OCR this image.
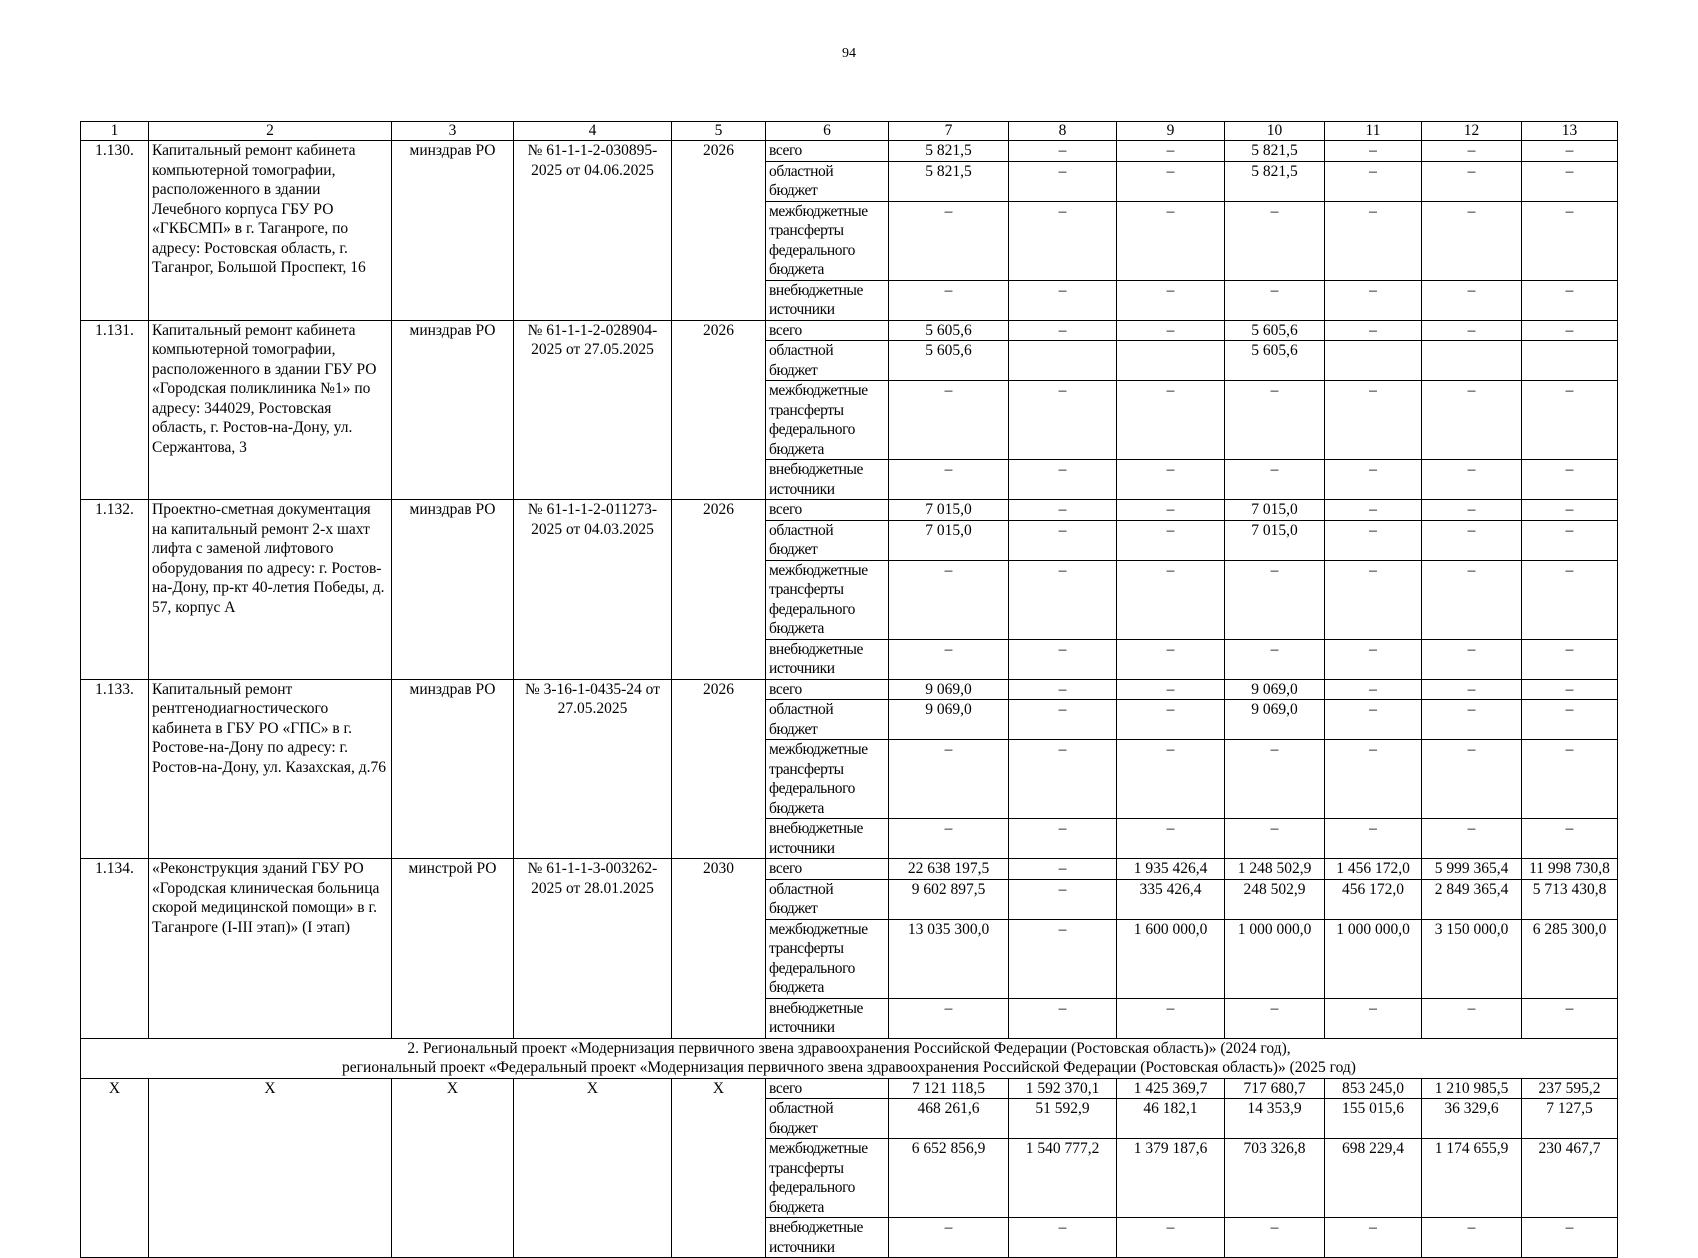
94
1	2	3	4	5	6	7	8	9	10	11	12	13
1.130.	Капитальный ремонт кабинета компьютерной томографии, расположенного в здании Лечебного корпуса ГБУ РО «ГКБСМП» в г. Таганроге, по адресу: Ростовская область, г. Таганрог, Большой Проспект, 16	минздрав РО	№ 61-1-1-2-030895-2025 от 04.06.2025	2026	всего	5 821,5	–	–	5 821,5	–	–	–
					областной бюджет	5 821,5	–	–	5 821,5	–	–	–
					межбюджетные трансферты федерального бюджета	–	–	–	–	–	–	–
					внебюджетные источники	–	–	–	–	–	–	–
1.131.	Капитальный ремонт кабинета компьютерной томографии, расположенного в здании ГБУ РО «Городская поликлиника №1» по адресу: 344029, Ростовская область, г. Ростов-на-Дону, ул. Сержантова, 3	минздрав РО	№ 61-1-1-2-028904-2025 от 27.05.2025	2026	всего	5 605,6	–	–	5 605,6	–	–	–
					областной бюджет	5 605,6			5 605,6			
					межбюджетные трансферты федерального бюджета	–	–	–	–	–	–	–
					внебюджетные источники	–	–	–	–	–	–	–
1.132.	Проектно-сметная документация на капитальный ремонт 2-х шахт лифта с заменой лифтового оборудования по адресу: г. Ростов-на-Дону, пр-кт 40-летия Победы, д. 57, корпус А	минздрав РО	№ 61-1-1-2-011273-2025 от 04.03.2025	2026	всего	7 015,0	–	–	7 015,0	–	–	–
					областной бюджет	7 015,0	–	–	7 015,0	–	–	–
					межбюджетные трансферты федерального бюджета	–	–	–	–	–	–	–
					внебюджетные источники	–	–	–	–	–	–	–
1.133.	Капитальный ремонт рентгенодиагностического кабинета в ГБУ РО «ГПС» в г. Ростове-на-Дону по адресу: г. Ростов-на-Дону, ул. Казахская, д.76	минздрав РО	№ 3-16-1-0435-24 от 27.05.2025	2026	всего	9 069,0	–	–	9 069,0	–	–	–
					областной бюджет	9 069,0	–	–	9 069,0	–	–	–
					межбюджетные трансферты федерального бюджета	–	–	–	–	–	–	–
					внебюджетные источники	–	–	–	–	–	–	–
1.134.	«Реконструкция зданий ГБУ РО «Городская клиническая больница скорой медицинской помощи» в г. Таганроге (I-III этап)» (I этап)	минстрой РО	№ 61-1-1-3-003262-2025 от 28.01.2025	2030	всего	22 638 197,5	–	1 935 426,4	1 248 502,9	1 456 172,0	5 999 365,4	11 998 730,8
					областной бюджет	9 602 897,5	–	335 426,4	248 502,9	456 172,0	2 849 365,4	5 713 430,8
					межбюджетные трансферты федерального бюджета	13 035 300,0	–	1 600 000,0	1 000 000,0	1 000 000,0	3 150 000,0	6 285 300,0
					внебюджетные источники	–	–	–	–	–	–	–

2. Региональный проект «Модернизация первичного звена здравоохранения Российской Федерации (Ростовская область)» (2024 год),
региональный проект «Федеральный проект «Модернизация первичного звена здравоохранения Российской Федерации (Ростовская область)» (2025 год)												

X	X	X	X	X	всего	7 121 118,5	1 592 370,1	1 425 369,7	717 680,7	853 245,0	1 210 985,5	237 595,2
					областной бюджет	468 261,6	51 592,9	46 182,1	14 353,9	155 015,6	36 329,6	7 127,5
					межбюджетные трансферты федерального бюджета	6 652 856,9	1 540 777,2	1 379 187,6	703 326,8	698 229,4	1 174 655,9	230 467,7
					внебюджетные источники	–	–	–	–	–	–	–
